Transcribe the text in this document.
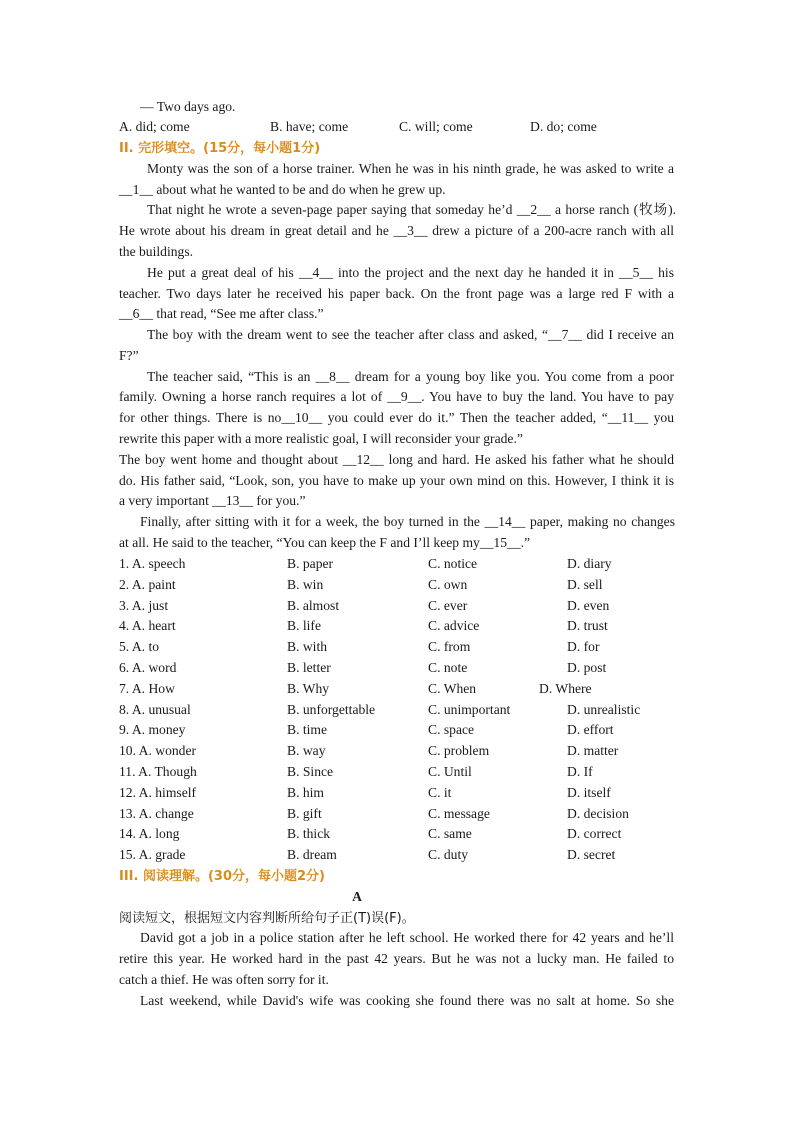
— Two days ago.
A. did; come	B. have; come	C. will; come	D. do; come
II. 完形填空。(15分，每小题1分)
Monty was the son of a horse trainer. When he was in his ninth grade, he was asked to write a
__1__ about what he wanted to be and do when he grew up.
That night he wrote a seven-page paper saying that someday he’d __2__ a horse ranch (牧场).
He wrote about his dream in great detail and he __3__ drew a picture of a 200-acre ranch with all
the buildings.
He put a great deal of his __4__ into the project and the next day he handed it in __5__ his
teacher. Two days later he received his paper back. On the front page was a large red F with a
__6__ that read, “See me after class.”
The boy with the dream went to see the teacher after class and asked, “__7__ did I receive an
F?”
The teacher said, “This is an __8__ dream for a young boy like you. You come from a poor
family. Owning a horse ranch requires a lot of __9__. You have to buy the land. You have to pay
for other things. There is no__10__ you could ever do it.” Then the teacher added, “__11__ you
rewrite this paper with a more realistic goal, I will reconsider your grade.”
The boy went home and thought about __12__ long and hard. He asked his father what he should
do. His father said, “Look, son, you have to make up your own mind on this. However, I think it is
a very important __13__ for you.”
Finally, after sitting with it for a week, the boy turned in the __14__ paper, making no changes
at all. He said to the teacher, “You can keep the F and I’ll keep my__15__.”
1. A. speech	B. paper	C. notice	D. diary
2. A. paint	B. win	C. own	D. sell
3. A. just	B. almost	C. ever	D. even
4. A. heart	B. life	C. advice	D. trust
5. A. to	B. with	C. from	D. for
6. A. word	B. letter	C. note	D. post
7. A. How	B. Why	C. When	D. Where
8. A. unusual	B. unforgettable	C. unimportant	D. unrealistic
9. A. money	B. time	C. space	D. effort
10. A. wonder	B. way	C. problem	D. matter
11. A. Though	B. Since	C. Until	D. If
12. A. himself	B. him	C. it	D. itself
13. A. change	B. gift	C. message	D. decision
14. A. long	B. thick	C. same	D. correct
15. A. grade	B. dream	C. duty	D. secret
III. 阅读理解。(30分，每小题2分)
A
阅读短文，根据短文内容判断所给句子正(T)误(F)。
David got a job in a police station after he left school. He worked there for 42 years and he’ll
retire this year. He worked hard in the past 42 years. But he was not a lucky man. He failed to
catch a thief. He was often sorry for it.
Last weekend, while David's wife was cooking she found there was no salt at home. So she
